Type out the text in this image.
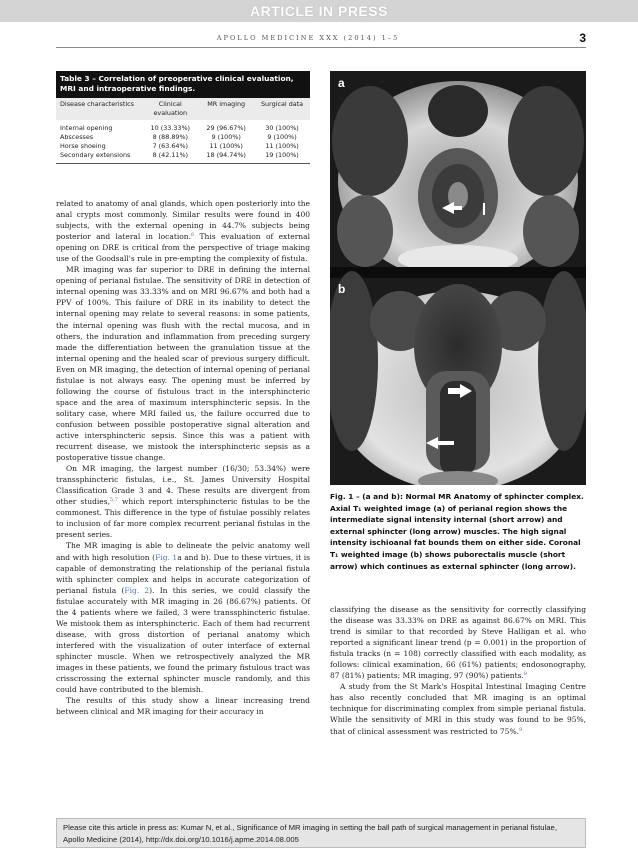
ARTICLE IN PRESS
APOLLO MEDICINE XXX (2014) 1–5	3
Table 3 – Correlation of preoperative clinical evaluation, MRI and intraoperative findings.
Disease characteristics	Clinical evaluation	MR imaging	Surgical data
Internal opening	10 (33.33%)	29 (96.67%)	30 (100%)
Abscesses	8 (88.89%)	9 (100%)	9 (100%)
Horse shoeing	7 (63.64%)	11 (100%)	11 (100%)
Secondary extensions	8 (42.11%)	18 (94.74%)	19 (100%)

related to anatomy of anal glands, which open posteriorly into the anal crypts most commonly. Similar results were found in 400 subjects, with the external opening in 44.7% subjects being posterior and lateral in location.$^6$ This evaluation of external opening on DRE is critical from the perspective of triage making use of the Goodsall's rule in pre-empting the complexity of fistula.

MR imaging was far superior to DRE in defining the internal opening of perianal fistulae. The sensitivity of DRE in detection of internal opening was 33.33% and on MRI 96.67% and both had a PPV of 100%. This failure of DRE in its inability to detect the internal opening may relate to several reasons: in some patients, the internal opening was flush with the rectal mucosa, and in others, the induration and inflammation from preceding surgery made the differentiation between the granulation tissue at the internal opening and the healed scar of previous surgery difficult. Even on MR imaging, the detection of internal opening of perianal fistulae is not always easy. The opening must be inferred by following the course of fistulous tract in the intersphincteric space and the area of maximum intersphincteric sepsis. In the solitary case, where MRI failed us, the failure occurred due to confusion between possible postoperative signal alteration and active intersphincteric sepsis. Since this was a patient with recurrent disease, we mistook the intersphincteric sepsis as a postoperative tissue change.

On MR imaging, the largest number (16/30; 53.34%) were transsphincteric fistulas, i.e., St. James University Hospital Classification Grade 3 and 4. These results are divergent from other studies,$^{5,7}$ which report intersphincteric fistulas to be the commonest. This difference in the type of fistulae possibly relates to inclusion of far more complex recurrent perianal fistulas in the present series.

The MR imaging is able to delineate the pelvic anatomy well and with high resolution (Fig. 1a and b). Due to these virtues, it is capable of demonstrating the relationship of the perianal fistula with sphincter complex and helps in accurate categorization of perianal fistula (Fig. 2). In this series, we could classify the fistulae accurately with MR imaging in 26 (86.67%) patients. Of the 4 patients where we failed, 3 were transsphincteric fistulae. We mistook them as intersphincteric. Each of them had recurrent disease, with gross distortion of perianal anatomy which interfered with the visualization of outer interface of external sphincter muscle. When we retrospectively analyzed the MR images in these patients, we found the primary fistulous tract was crisscrossing the external sphincter muscle randomly, and this could have contributed to the blemish.

The results of this study show a linear increasing trend between clinical and MR imaging for their accuracy in

a
b
Fig. 1 – (a and b): Normal MR Anatomy of sphincter complex. Axial T₁ weighted image (a) of perianal region shows the intermediate signal intensity internal (short arrow) and external sphincter (long arrow) muscles. The high signal intensity ischioanal fat bounds them on either side. Coronal T₁ weighted image (b) shows puborectalis muscle (short arrow) which continues as external sphincter (long arrow).

classifying the disease as the sensitivity for correctly classifying the disease was 33.33% on DRE as against 86.67% on MRI. This trend is similar to that recorded by Steve Halligan et al. who reported a significant linear trend (p = 0.001) in the proportion of fistula tracks (n = 108) correctly classified with each modality, as follows: clinical examination, 66 (61%) patients; endosonography, 87 (81%) patients; MR imaging, 97 (90%) patients.$^8$

A study from the St Mark's Hospital Intestinal Imaging Centre has also recently concluded that MR imaging is an optimal technique for discriminating complex from simple perianal fistula. While the sensitivity of MRI in this study was found to be 95%, that of clinical assessment was restricted to 75%.$^9$

Please cite this article in press as: Kumar N, et al., Significance of MR imaging in setting the ball path of surgical management in perianal fistulae, Apollo Medicine (2014), http://dx.doi.org/10.1016/j.apme.2014.08.005
